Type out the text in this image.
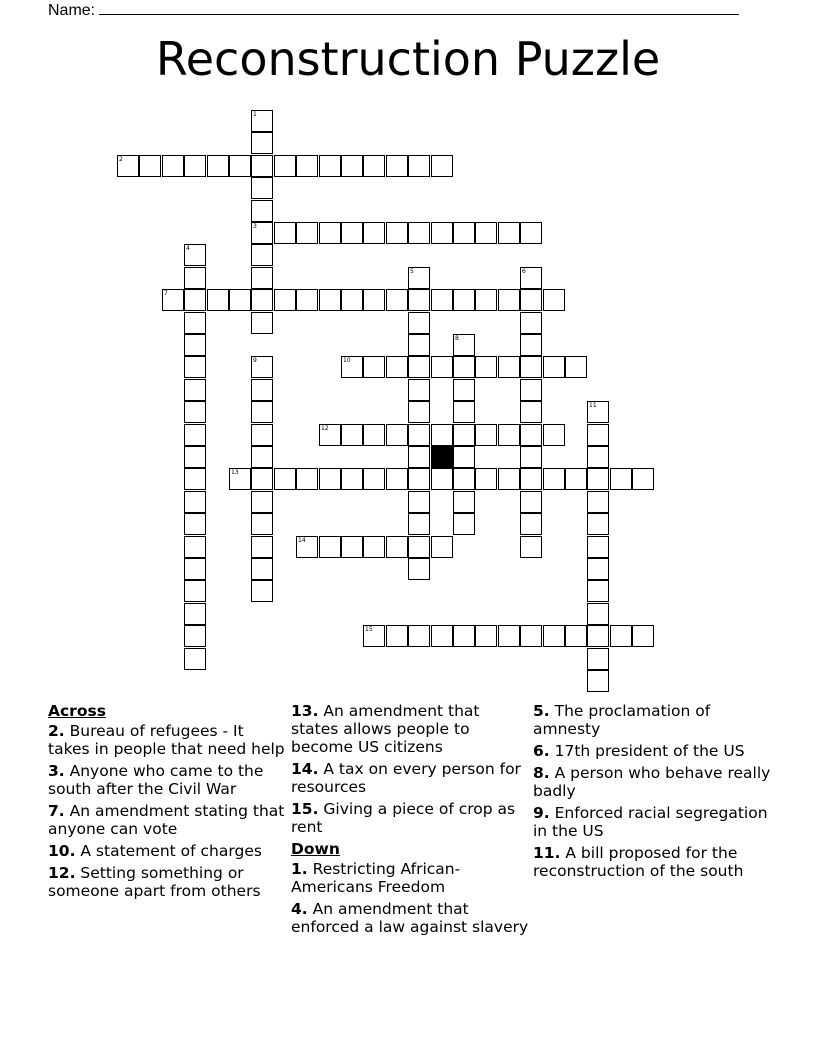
Name:
Reconstruction Puzzle
1
3
2
4
5	6
7
8
9	10
11
12
13
14
15
Across
2. Bureau of refugees - It takes in people that need help
3. Anyone who came to the south after the Civil War
7. An amendment stating that anyone can vote
10. A statement of charges
12. Setting something or someone apart from others
13. An amendment that states allows people to become US citizens
14. A tax on every person for resources
15. Giving a piece of crop as rent
Down
1. Restricting African-Americans Freedom
4. An amendment that enforced a law against slavery
5. The proclamation of amnesty
6. 17th president of the US
8. A person who behave really badly
9. Enforced racial segregation in the US
11. A bill proposed for the reconstruction of the south
